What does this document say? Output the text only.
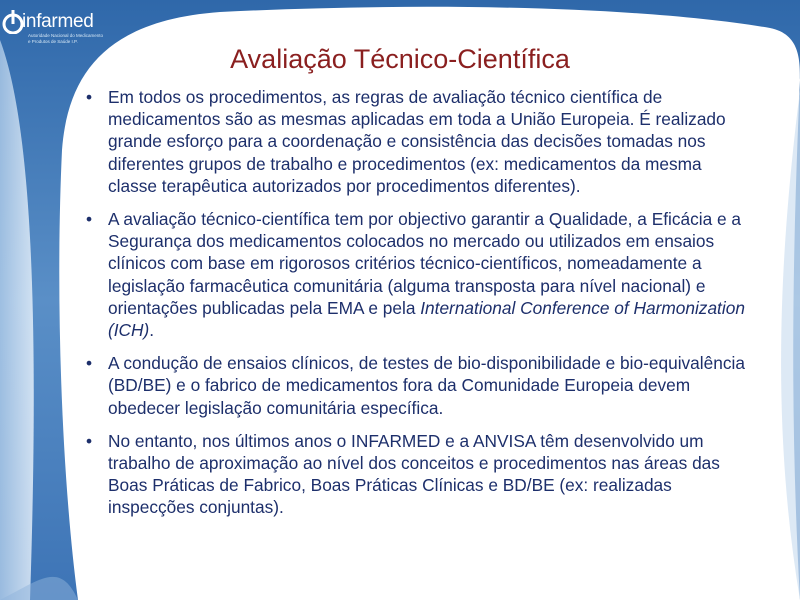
infarmed
Autoridade Nacional do Medicamento
e Produtos de Saúde I.P.
Avaliação Técnico-Científica
• Em todos os procedimentos, as regras de avaliação técnico científica de medicamentos são as mesmas aplicadas em toda a União Europeia. É realizado grande esforço para a coordenação e consistência das decisões tomadas nos diferentes grupos de trabalho e procedimentos (ex: medicamentos da mesma classe terapêutica autorizados por procedimentos diferentes).
• A avaliação técnico-científica tem por objectivo garantir a Qualidade, a Eficácia e a Segurança dos medicamentos colocados no mercado ou utilizados em ensaios clínicos com base em rigorosos critérios técnico-científicos, nomeadamente a legislação farmacêutica comunitária (alguma transposta para nível nacional) e orientações publicadas pela EMA e pela International Conference of Harmonization (ICH).
• A condução de ensaios clínicos, de testes de bio-disponibilidade e bio-equivalência (BD/BE) e o fabrico de medicamentos fora da Comunidade Europeia devem obedecer legislação comunitária específica.
• No entanto, nos últimos anos o INFARMED e a ANVISA têm desenvolvido um trabalho de aproximação ao nível dos conceitos e procedimentos nas áreas das Boas Práticas de Fabrico, Boas Práticas Clínicas e BD/BE (ex: realizadas inspecções conjuntas).
MINISTÉRIO DA SAÚDE
